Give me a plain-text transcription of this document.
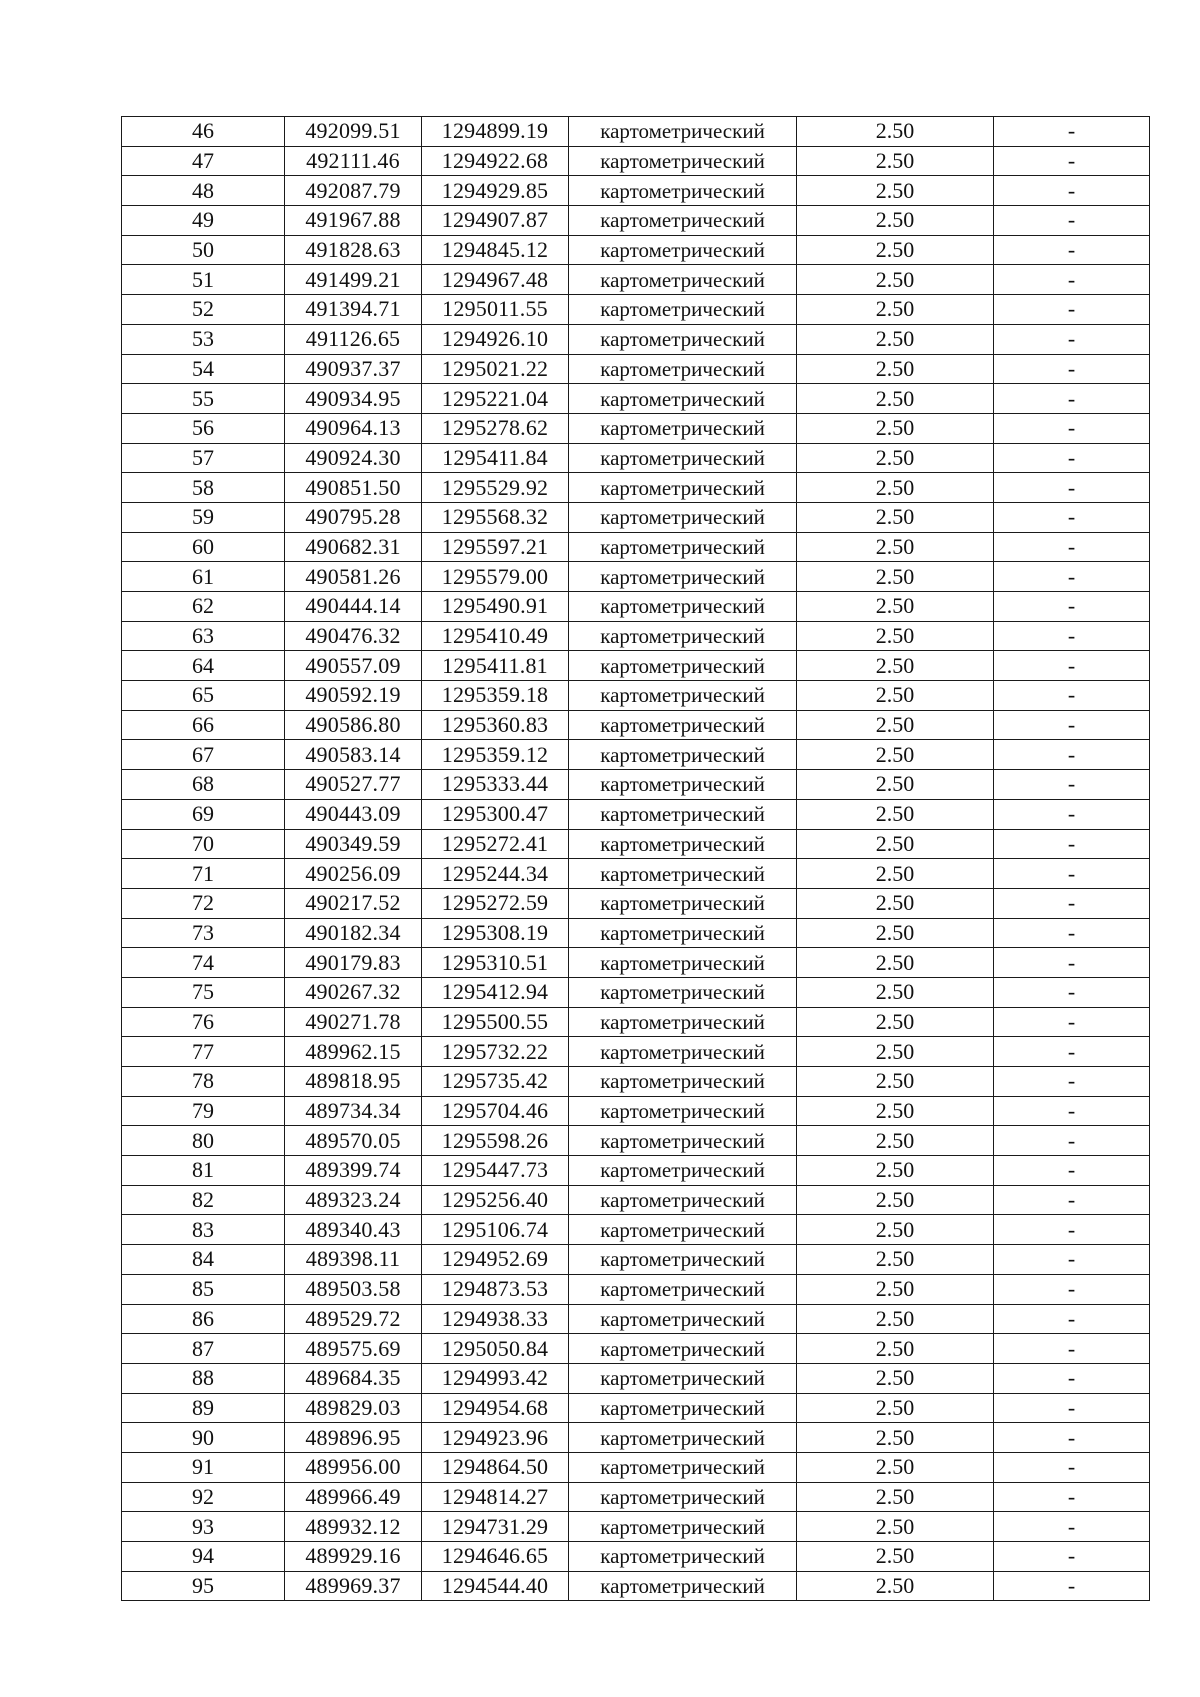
46	492099.51	1294899.19	картометрический	2.50	-
47	492111.46	1294922.68	картометрический	2.50	-
48	492087.79	1294929.85	картометрический	2.50	-
49	491967.88	1294907.87	картометрический	2.50	-
50	491828.63	1294845.12	картометрический	2.50	-
51	491499.21	1294967.48	картометрический	2.50	-
52	491394.71	1295011.55	картометрический	2.50	-
53	491126.65	1294926.10	картометрический	2.50	-
54	490937.37	1295021.22	картометрический	2.50	-
55	490934.95	1295221.04	картометрический	2.50	-
56	490964.13	1295278.62	картометрический	2.50	-
57	490924.30	1295411.84	картометрический	2.50	-
58	490851.50	1295529.92	картометрический	2.50	-
59	490795.28	1295568.32	картометрический	2.50	-
60	490682.31	1295597.21	картометрический	2.50	-
61	490581.26	1295579.00	картометрический	2.50	-
62	490444.14	1295490.91	картометрический	2.50	-
63	490476.32	1295410.49	картометрический	2.50	-
64	490557.09	1295411.81	картометрический	2.50	-
65	490592.19	1295359.18	картометрический	2.50	-
66	490586.80	1295360.83	картометрический	2.50	-
67	490583.14	1295359.12	картометрический	2.50	-
68	490527.77	1295333.44	картометрический	2.50	-
69	490443.09	1295300.47	картометрический	2.50	-
70	490349.59	1295272.41	картометрический	2.50	-
71	490256.09	1295244.34	картометрический	2.50	-
72	490217.52	1295272.59	картометрический	2.50	-
73	490182.34	1295308.19	картометрический	2.50	-
74	490179.83	1295310.51	картометрический	2.50	-
75	490267.32	1295412.94	картометрический	2.50	-
76	490271.78	1295500.55	картометрический	2.50	-
77	489962.15	1295732.22	картометрический	2.50	-
78	489818.95	1295735.42	картометрический	2.50	-
79	489734.34	1295704.46	картометрический	2.50	-
80	489570.05	1295598.26	картометрический	2.50	-
81	489399.74	1295447.73	картометрический	2.50	-
82	489323.24	1295256.40	картометрический	2.50	-
83	489340.43	1295106.74	картометрический	2.50	-
84	489398.11	1294952.69	картометрический	2.50	-
85	489503.58	1294873.53	картометрический	2.50	-
86	489529.72	1294938.33	картометрический	2.50	-
87	489575.69	1295050.84	картометрический	2.50	-
88	489684.35	1294993.42	картометрический	2.50	-
89	489829.03	1294954.68	картометрический	2.50	-
90	489896.95	1294923.96	картометрический	2.50	-
91	489956.00	1294864.50	картометрический	2.50	-
92	489966.49	1294814.27	картометрический	2.50	-
93	489932.12	1294731.29	картометрический	2.50	-
94	489929.16	1294646.65	картометрический	2.50	-
95	489969.37	1294544.40	картометрический	2.50	-
